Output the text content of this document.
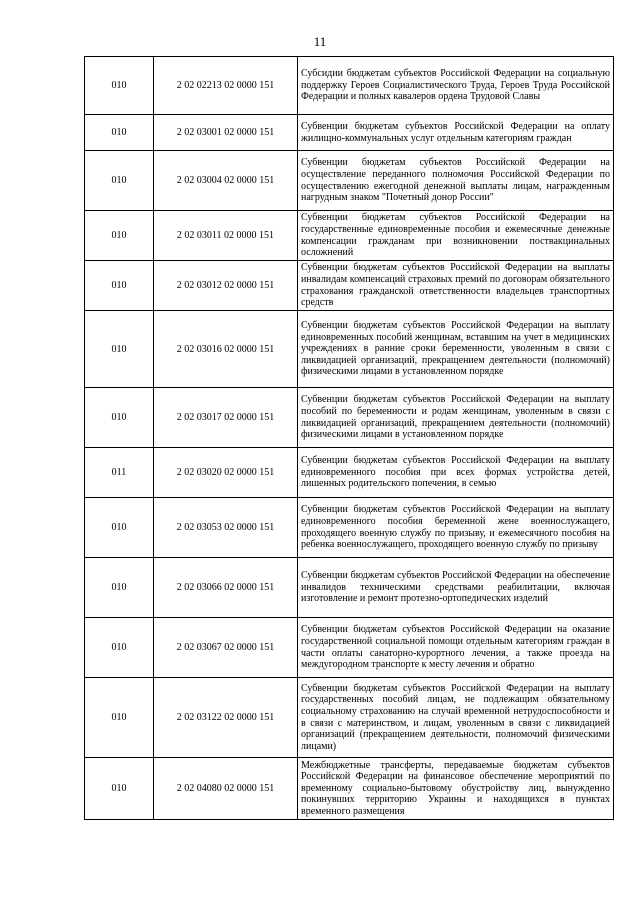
11
010	2 02 02213 02 0000 151	Субсидии бюджетам субъектов Российской Федерации на социальную поддержку Героев Социалистического Труда, Героев Труда Российской Федерации и полных кавалеров ордена Трудовой Славы
010	2 02 03001 02 0000 151	Субвенции бюджетам субъектов Российской Федерации на оплату жилищно-коммунальных услуг отдельным категориям граждан
010	2 02 03004 02 0000 151	Субвенции бюджетам субъектов Российской Федерации на осуществление переданного полномочия Российской Федерации по осуществлению ежегодной денежной выплаты лицам, награжденным нагрудным знаком "Почетный донор России"
010	2 02 03011 02 0000 151	Субвенции бюджетам субъектов Российской Федерации на государственные единовременные пособия и ежемесячные денежные компенсации гражданам при возникновении поствакцинальных осложнений
010	2 02 03012 02 0000 151	Субвенции бюджетам субъектов Российской Федерации на выплаты инвалидам компенсаций страховых премий по договорам обязательного страхования гражданской ответственности владельцев транспортных средств
010	2 02 03016 02 0000 151	Субвенции бюджетам субъектов Российской Федерации на выплату единовременных пособий женщинам, вставшим на учет в медицинских учреждениях в ранние сроки беременности, уволенным в связи с ликвидацией организаций, прекращением деятельности (полномочий) физическими лицами в установленном порядке
010	2 02 03017 02 0000 151	Субвенции бюджетам субъектов Российской Федерации на выплату пособий по беременности и родам женщинам, уволенным в связи с ликвидацией организаций, прекращением деятельности (полномочий) физическими лицами в установленном порядке
011	2 02 03020 02 0000 151	Субвенции бюджетам субъектов Российской Федерации на выплату единовременного пособия при всех формах устройства детей, лишенных родительского попечения, в семью
010	2 02 03053 02 0000 151	Субвенции бюджетам субъектов Российской Федерации на выплату единовременного пособия беременной жене военнослужащего, проходящего военную службу по призыву, и ежемесячного пособия на ребенка военнослужащего, проходящего военную службу по призыву
010	2 02 03066 02 0000 151	Субвенции бюджетам субъектов Российской Федерации на обеспечение инвалидов техническими средствами реабилитации, включая изготовление и ремонт протезно-ортопедических изделий
010	2 02 03067 02 0000 151	Субвенции бюджетам субъектов Российской Федерации на оказание государственной социальной помощи отдельным категориям граждан в части оплаты санаторно-курортного лечения, а также проезда на междугородном транспорте к месту лечения и обратно
010	2 02 03122 02 0000 151	Субвенции бюджетам субъектов Российской Федерации на выплату государственных пособий лицам, не подлежащим обязательному социальному страхованию на случай временной нетрудоспособности и в связи с материнством, и лицам, уволенным в связи с ликвидацией организаций (прекращением деятельности, полномочий физическими лицами)
010	2 02 04080 02 0000 151	Межбюджетные трансферты, передаваемые бюджетам субъектов Российской Федерации на финансовое обеспечение мероприятий по временному социально-бытовому обустройству лиц, вынужденно покинувших территорию Украины и находящихся в пунктах временного размещения
